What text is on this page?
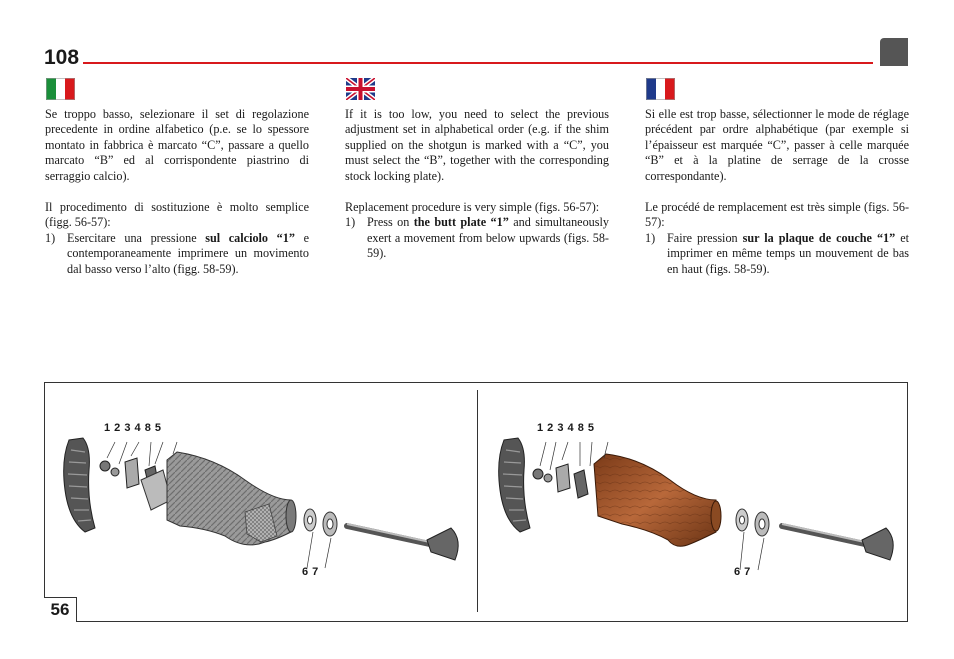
108

Se troppo basso, selezionare il set di regolazione precedente in ordine alfabetico (p.e. se lo spessore montato in fabbrica è marcato “C”, passare a quello marcato “B” ed al corrispondente piastrino di serraggio calcio).

Il procedimento di sostituzione è molto semplice (figg. 56-57):

1) Esercitare una pressione sul calciolo “1” e contemporaneamente imprimere un movimento dal basso verso l’alto (figg. 58-59).

If it is too low, you need to select the previous adjustment set in alphabetical order (e.g. if the shim supplied on the shotgun is marked with a “C”, you must select the “B”, together with the corresponding stock locking plate).

Replacement procedure is very simple (figs. 56-57):

1) Press on the butt plate “1” and simultaneously exert a movement from below upwards (figs. 58-59).

Si elle est trop basse, sélectionner le mode de réglage précédent par ordre alphabétique (par exemple si l’épaisseur est marquée “C”, passer à celle marquée “B” et à la platine de serrage de la crosse correspondante).

Le procédé de remplacement est très simple (figs. 56-57):

1) Faire pression sur la plaque de couche “1” et imprimer en même temps un mouvement de bas en haut (figs. 58-59).
1 2 3 4 8 5
6 7
1 2 3 4 8 5
6 7
56
